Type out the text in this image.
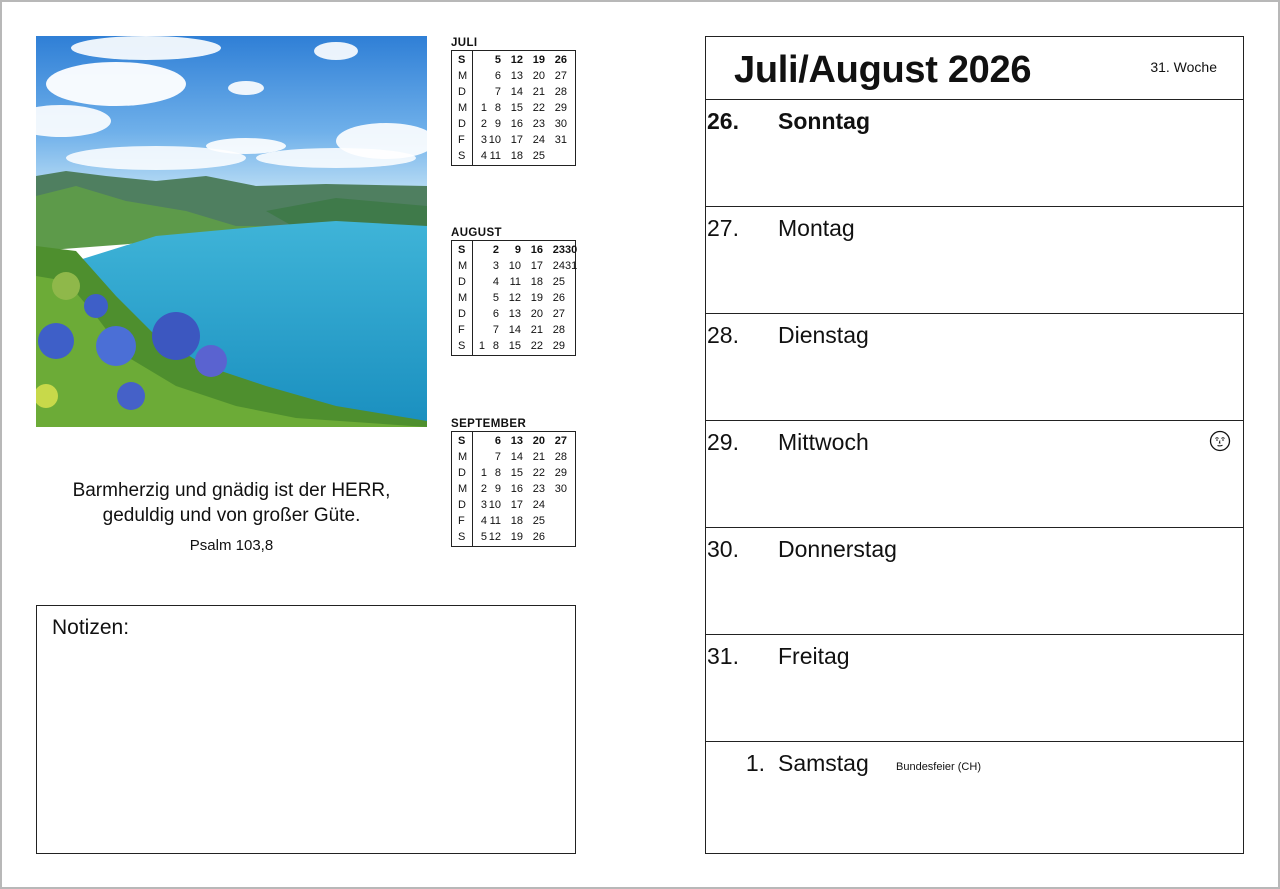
JULI
S
M
D
M
D
F
S
5 12 19 26
6 13 20 27
7 14 21 28
1 8 15 22 29
2 9 16 23 30
3 10 17 24 31
4 11 18 25
AUGUST
S
M
D
M
D
F
S
2	9 16 23 30
3 10 17 24 31
4 11 18 25
5 12 19 26
6 13 20 27
7 14 21 28
1 8 15 22 29
SEPTEMBER
S
M
D
M
D
F
S
6 13 20 27
7 14 21 28
1 8 15 22 29
2 9 16 23 30
3 10 17 24
4 11 18 25
5 12 19 26
Barmherzig und gnädig ist der HERR,
geduldig und von großer Güte.
Psalm 103,8
Notizen:
Juli/August 2026	31. Woche
26. Sonntag
27. Montag
28. Dienstag
29. Mittwoch
30. Donnerstag
31. Freitag
1. Samstag Bundesfeier (CH)
